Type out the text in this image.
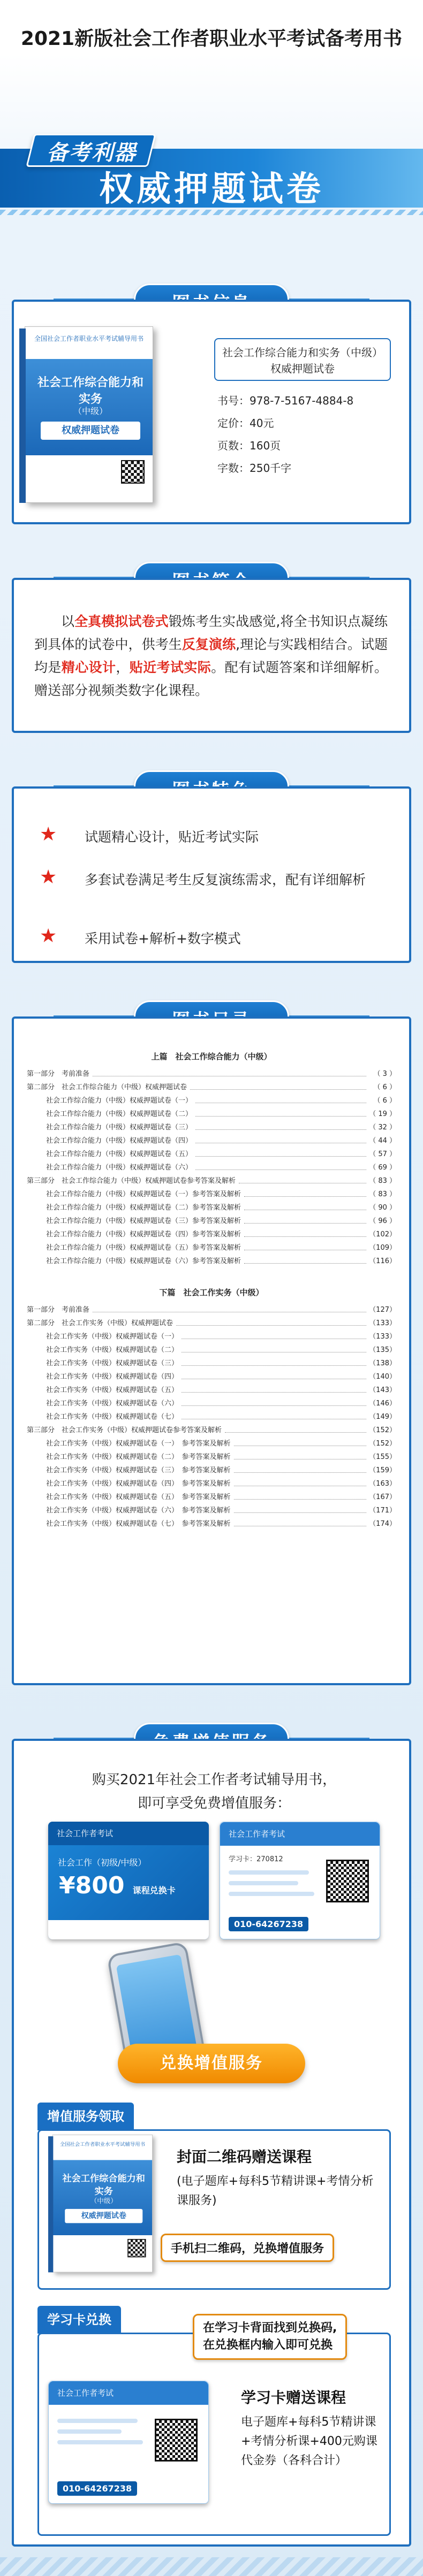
2021新版社会工作者职业水平考试备考用书
备考利器
权威押题试卷
全国社会工作者职业水平考试辅导用书
社会工作综合能力和实务
（中级）
权威押题试卷
社会工作综合能力和实务（中级）
权威押题试卷
书号：978-7-5167-4884-8
定价：40元
页数：160页
字数：250千字
以全真模拟试卷式锻炼考生实战感觉,将全书知识点凝练到具体的试卷中，供考生反复演练,理论与实践相结合。试题均是精心设计，贴近考试实际。配有试题答案和详细解析。赠送部分视频类数字化课程。
★ 试题精心设计，贴近考试实际
★ 多套试卷满足考生反复演练需求，配有详细解析
★ 采用试卷+解析+数字模式
上篇　社会工作综合能力（中级）
第一部分　考前准备	（ 3 ）
第二部分　社会工作综合能力（中级）权威押题试卷	（ 6 ）
社会工作综合能力（中级）权威押题试卷（一）	（ 6 ）
社会工作综合能力（中级）权威押题试卷（二）	（ 19 ）
社会工作综合能力（中级）权威押题试卷（三）	（ 32 ）
社会工作综合能力（中级）权威押题试卷（四）	（ 44 ）
社会工作综合能力（中级）权威押题试卷（五）	（ 57 ）
社会工作综合能力（中级）权威押题试卷（六）	（ 69 ）
第三部分　社会工作综合能力（中级）权威押题试卷参考答案及解析	（ 83 ）
社会工作综合能力（中级）权威押题试卷（一）参考答案及解析	（ 83 ）
社会工作综合能力（中级）权威押题试卷（二）参考答案及解析	（ 90 ）
社会工作综合能力（中级）权威押题试卷（三）参考答案及解析	（ 96 ）
社会工作综合能力（中级）权威押题试卷（四）参考答案及解析	（102）
社会工作综合能力（中级）权威押题试卷（五）参考答案及解析	（109）
社会工作综合能力（中级）权威押题试卷（六）参考答案及解析	（116）
下篇　社会工作实务（中级）
第一部分　考前准备	（127）
第二部分　社会工作实务（中级）权威押题试卷	（133）
社会工作实务（中级）权威押题试卷（一）	（133）
社会工作实务（中级）权威押题试卷（二）	（135）
社会工作实务（中级）权威押题试卷（三）	（138）
社会工作实务（中级）权威押题试卷（四）	（140）
社会工作实务（中级）权威押题试卷（五）	（143）
社会工作实务（中级）权威押题试卷（六）	（146）
社会工作实务（中级）权威押题试卷（七）	（149）
第三部分　社会工作实务（中级）权威押题试卷参考答案及解析	（152）
社会工作实务（中级）权威押题试卷（一）　参考答案及解析	（152）
社会工作实务（中级）权威押题试卷（二）　参考答案及解析	（155）
社会工作实务（中级）权威押题试卷（三）　参考答案及解析	（159）
社会工作实务（中级）权威押题试卷（四）　参考答案及解析	（163）
社会工作实务（中级）权威押题试卷（五）　参考答案及解析	（167）
社会工作实务（中级）权威押题试卷（六）　参考答案及解析	（171）
社会工作实务（中级）权威押题试卷（七）　参考答案及解析	（174）
购买2021年社会工作者考试辅导用书，
即可享受免费增值服务：
社会工作者考试
社会工作（初级/中级）
¥800 课程兑换卡
社会工作者考试
学习卡：270812
010-64267238
兑换增值服务
增值服务领取
全国社会工作者职业水平考试辅导用书
社会工作综合能力和实务
（中级）
权威押题试卷
封面二维码赠送课程
(电子题库+每科5节精讲课+考情分析课服务)
手机扫二维码，兑换增值服务
学习卡兑换
在学习卡背面找到兑换码,
在兑换框内输入即可兑换
社会工作者考试
010-64267238
学习卡赠送课程
电子题库+每科5节精讲课+考情分析课+400元购课代金券（各科合计）
